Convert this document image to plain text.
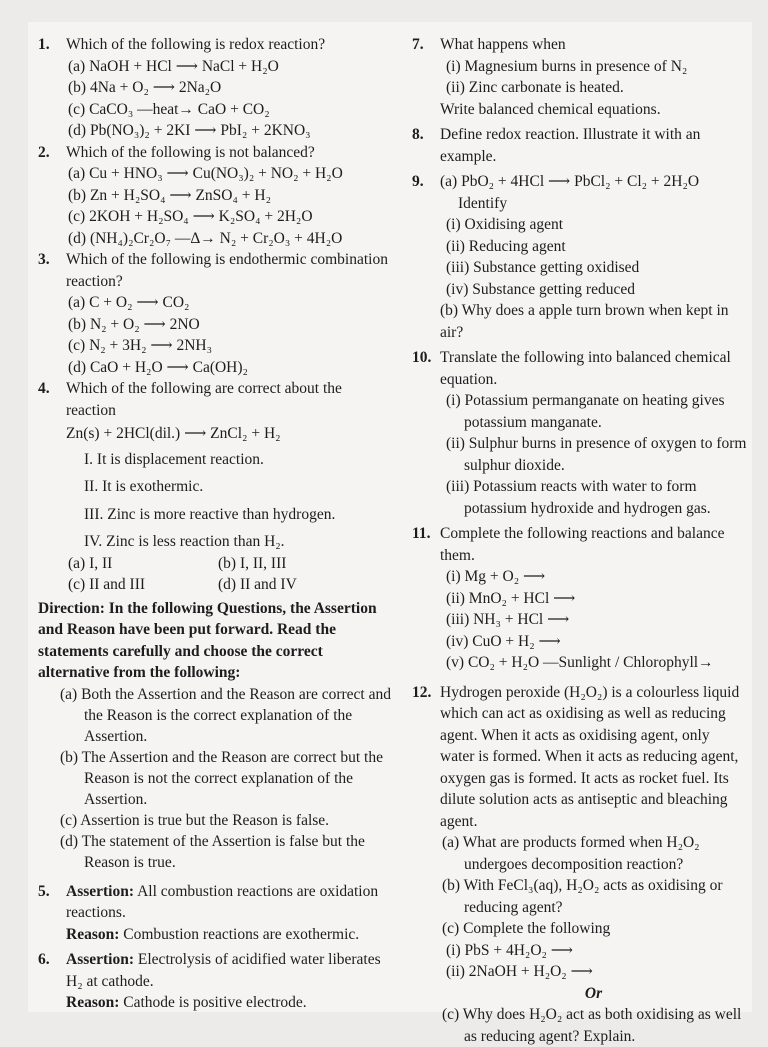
1. Which of the following is redox reaction?
(a) NaOH + HCl ⟶ NaCl + H₂O
(b) 4Na + O₂ ⟶ 2Na₂O
(c) CaCO₃ —heat→ CaO + CO₂
(d) Pb(NO₃)₂ + 2KI ⟶ PbI₂ + 2KNO₃
2. Which of the following is not balanced?
(a) Cu + HNO₃ ⟶ Cu(NO₃)₂ + NO₂ + H₂O
(b) Zn + H₂SO₄ ⟶ ZnSO₄ + H₂
(c) 2KOH + H₂SO₄ ⟶ K₂SO₄ + 2H₂O
(d) (NH₄)₂Cr₂O₇ —Δ→ N₂ + Cr₂O₃ + 4H₂O
3. Which of the following is endothermic combination reaction?
(a) C + O₂ ⟶ CO₂
(b) N₂ + O₂ ⟶ 2NO
(c) N₂ + 3H₂ ⟶ 2NH₃
(d) CaO + H₂O ⟶ Ca(OH)₂
4. Which of the following are correct about the reaction
Zn(s) + 2HCl(dil.) ⟶ ZnCl₂ + H₂
I. It is displacement reaction.
II. It is exothermic.
III. Zinc is more reactive than hydrogen.
IV. Zinc is less reaction than H₂.
(a) I, II	(b) I, II, III
(c) II and III	(d) II and IV
Direction: In the following Questions, the Assertion and Reason have been put forward. Read the statements carefully and choose the correct alternative from the following:
(a) Both the Assertion and the Reason are correct and the Reason is the correct explanation of the Assertion.
(b) The Assertion and the Reason are correct but the Reason is not the correct explanation of the Assertion.
(c) Assertion is true but the Reason is false.
(d) The statement of the Assertion is false but the Reason is true.
5. Assertion: All combustion reactions are oxidation reactions.
Reason: Combustion reactions are exothermic.
6. Assertion: Electrolysis of acidified water liberates H₂ at cathode.
Reason: Cathode is positive electrode.
7. What happens when
(i) Magnesium burns in presence of N₂
(ii) Zinc carbonate is heated.
Write balanced chemical equations.
8. Define redox reaction. Illustrate it with an example.
9. (a) PbO₂ + 4HCl ⟶ PbCl₂ + Cl₂ + 2H₂O
Identify
(i) Oxidising agent
(ii) Reducing agent
(iii) Substance getting oxidised
(iv) Substance getting reduced
(b) Why does a apple turn brown when kept in air?
10. Translate the following into balanced chemical equation.
(i) Potassium permanganate on heating gives potassium manganate.
(ii) Sulphur burns in presence of oxygen to form sulphur dioxide.
(iii) Potassium reacts with water to form potassium hydroxide and hydrogen gas.
11. Complete the following reactions and balance them.
(i) Mg + O₂ ⟶
(ii) MnO₂ + HCl ⟶
(iii) NH₃ + HCl ⟶
(iv) CuO + H₂ ⟶
(v) CO₂ + H₂O —Sunlight / Chlorophyll→
12. Hydrogen peroxide (H₂O₂) is a colourless liquid which can act as oxidising as well as reducing agent. When it acts as oxidising agent, only water is formed. When it acts as reducing agent, oxygen gas is formed. It acts as rocket fuel. Its dilute solution acts as antiseptic and bleaching agent.
(a) What are products formed when H₂O₂ undergoes decomposition reaction?
(b) With FeCl₃(aq), H₂O₂ acts as oxidising or reducing agent?
(c) Complete the following
(i) PbS + 4H₂O₂ ⟶
(ii) 2NaOH + H₂O₂ ⟶
Or
(c) Why does H₂O₂ act as both oxidising as well as reducing agent? Explain.
